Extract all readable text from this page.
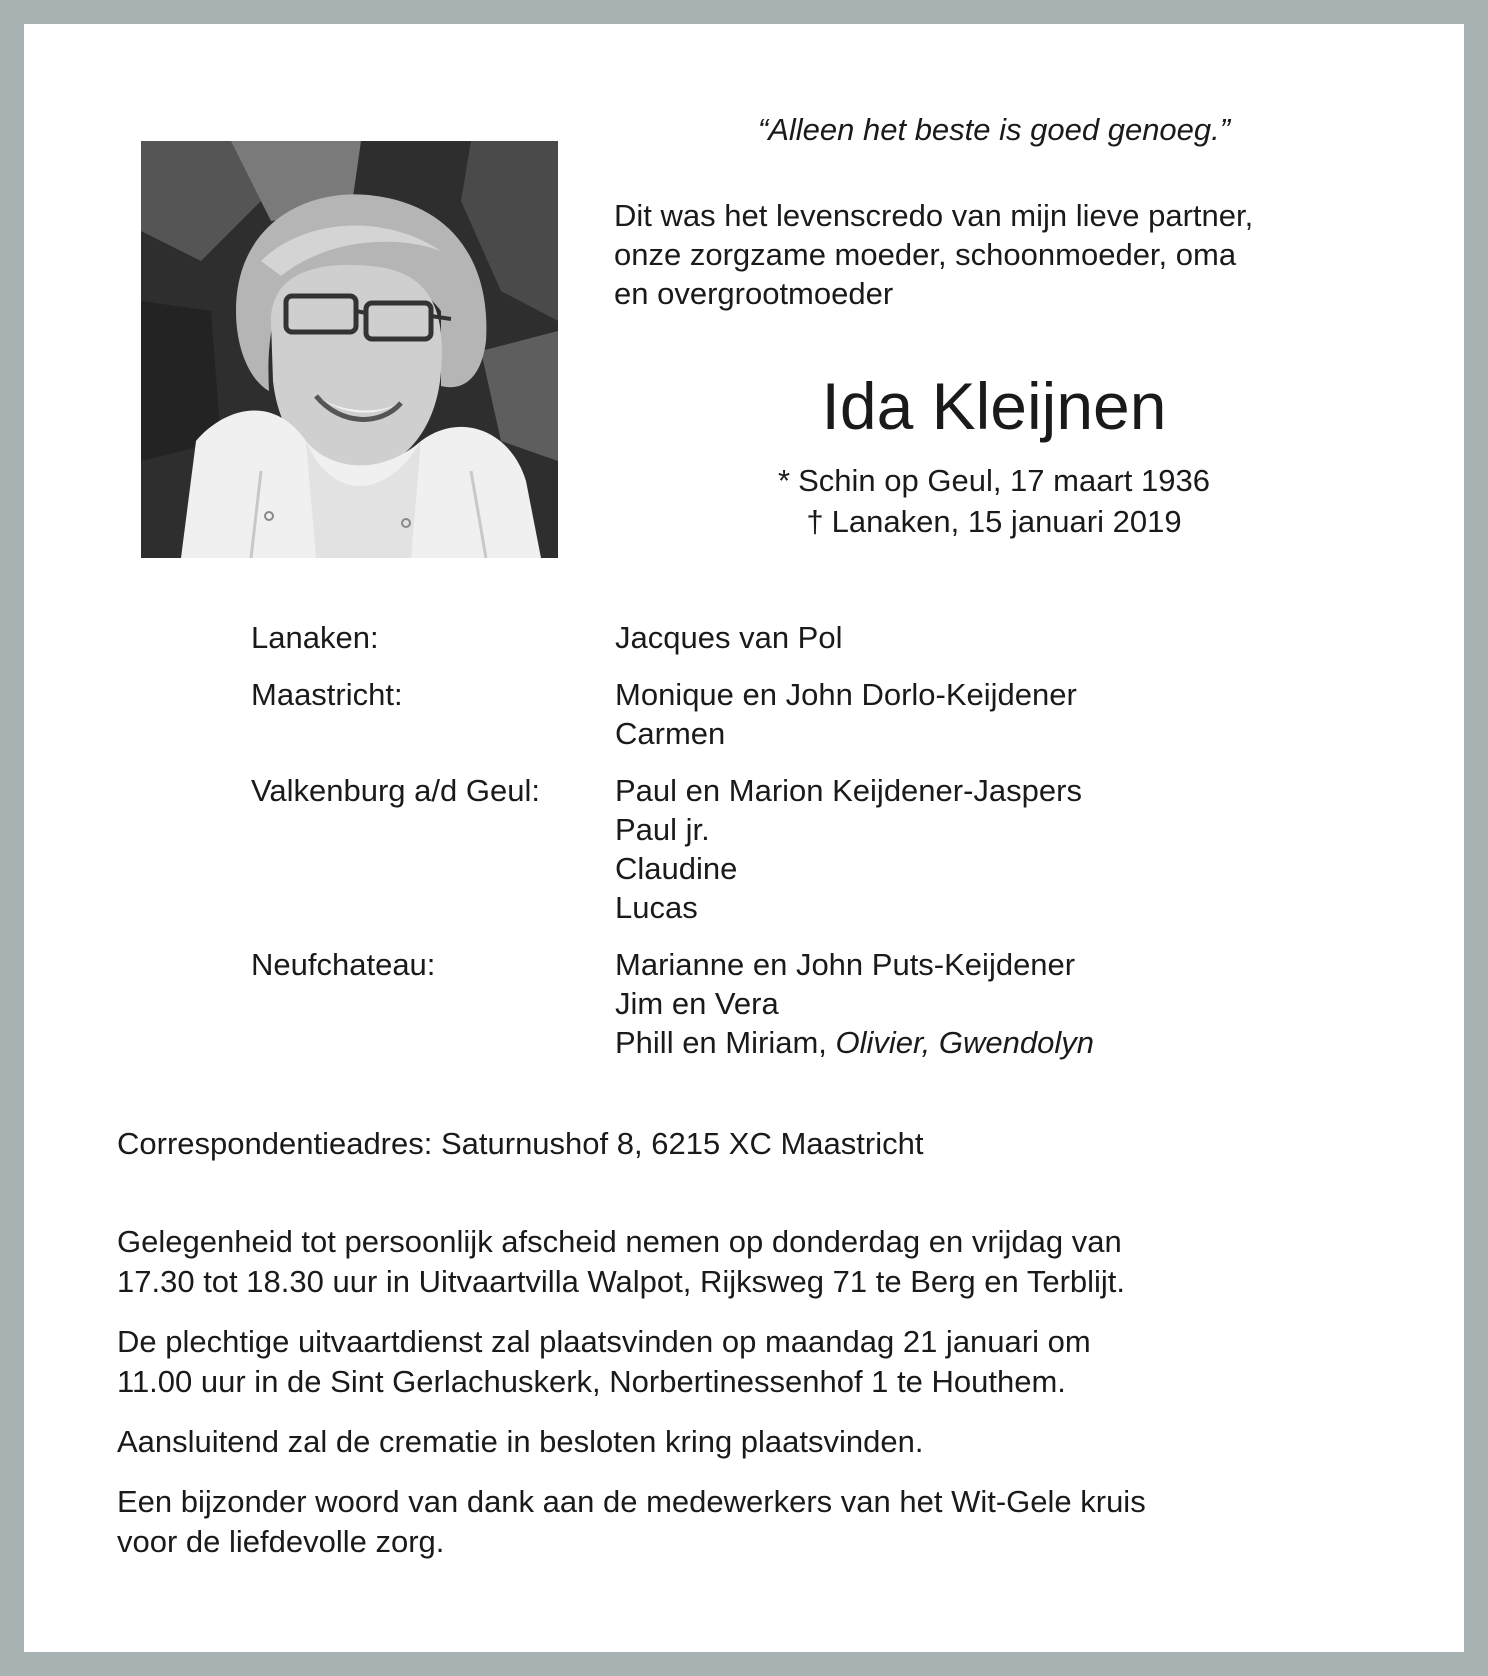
“Alleen het beste is goed genoeg.”
Dit was het levenscredo van mijn lieve partner,
onze zorgzame moeder, schoonmoeder, oma
en overgrootmoeder
Ida Kleijnen
* Schin op Geul, 17 maart 1936
† Lanaken, 15 januari 2019
Lanaken:	Jacques van Pol
Maastricht:	Monique en John Dorlo-Keijdener
Carmen
Valkenburg a/d Geul:	Paul en Marion Keijdener-Jaspers
Paul jr.
Claudine
Lucas
Neufchateau:	Marianne en John Puts-Keijdener
Jim en Vera
Phill en Miriam, Olivier, Gwendolyn
Correspondentieadres: Saturnushof 8, 6215 XC Maastricht
Gelegenheid tot persoonlijk afscheid nemen op donderdag en vrijdag van
17.30 tot 18.30 uur in Uitvaartvilla Walpot, Rijksweg 71 te Berg en Terblijt.
De plechtige uitvaartdienst zal plaatsvinden op maandag 21 januari om
11.00 uur in de Sint Gerlachuskerk, Norbertinessenhof 1 te Houthem.
Aansluitend zal de crematie in besloten kring plaatsvinden.
Een bijzonder woord van dank aan de medewerkers van het Wit-Gele kruis
voor de liefdevolle zorg.
